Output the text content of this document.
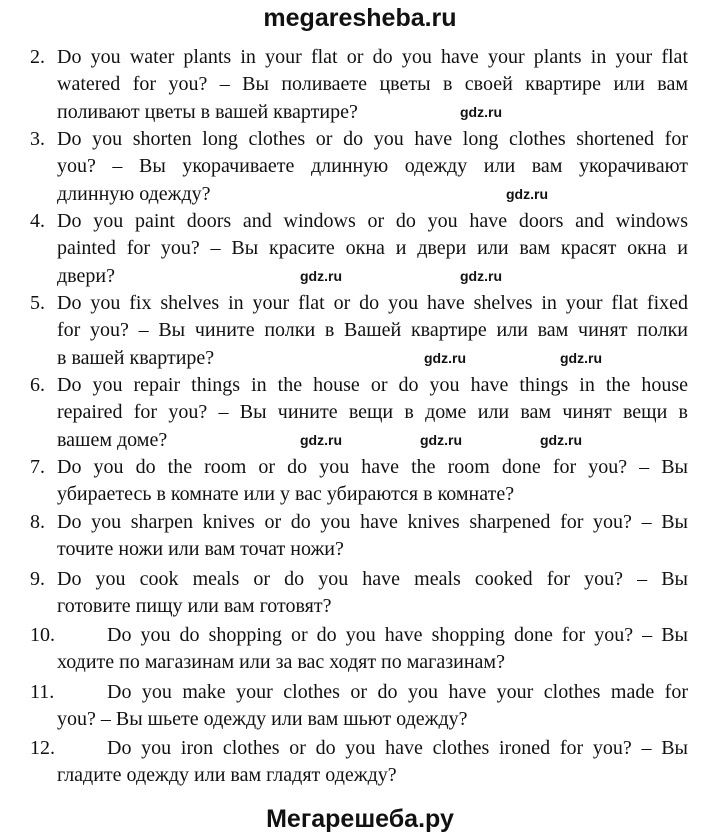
megaresheba.ru
2. Do you water plants in your flat or do you have your plants in your flat
watered for you? – Вы поливаете цветы в своей квартире или вам
поливают цветы в вашей квартире?
3. Do you shorten long clothes or do you have long clothes shortened for
you? – Вы укорачиваете длинную одежду или вам укорачивают
длинную одежду?
4. Do you paint doors and windows or do you have doors and windows
painted for you? – Вы красите окна и двери или вам красят окна и
двери?
5. Do you fix shelves in your flat or do you have shelves in your flat fixed
for you? – Вы чините полки в Вашей квартире или вам чинят полки
в вашей квартире?
6. Do you repair things in the house or do you have things in the house
repaired for you? – Вы чините вещи в доме или вам чинят вещи в
вашем доме?
7. Do you do the room or do you have the room done for you? – Вы
убираетесь в комнате или у вас убираются в комнате?
8. Do you sharpen knives or do you have knives sharpened for you? – Вы
точите ножи или вам точат ножи?
9. Do you cook meals or do you have meals cooked for you? – Вы
готовите пищу или вам готовят?
10.	Do you do shopping or do you have shopping done for you? – Вы
ходите по магазинам или за вас ходят по магазинам?
11.	Do you make your clothes or do you have your clothes made for
you? – Вы шьете одежду или вам шьют одежду?
12.	Do you iron clothes or do you have clothes ironed for you? – Вы
гладите одежду или вам гладят одежду?
Мегарешеба.ру
gdz.ru
gdz.ru
gdz.ru	gdz.ru
gdz.ru	gdz.ru
gdz.ru	gdz.ru	gdz.ru
